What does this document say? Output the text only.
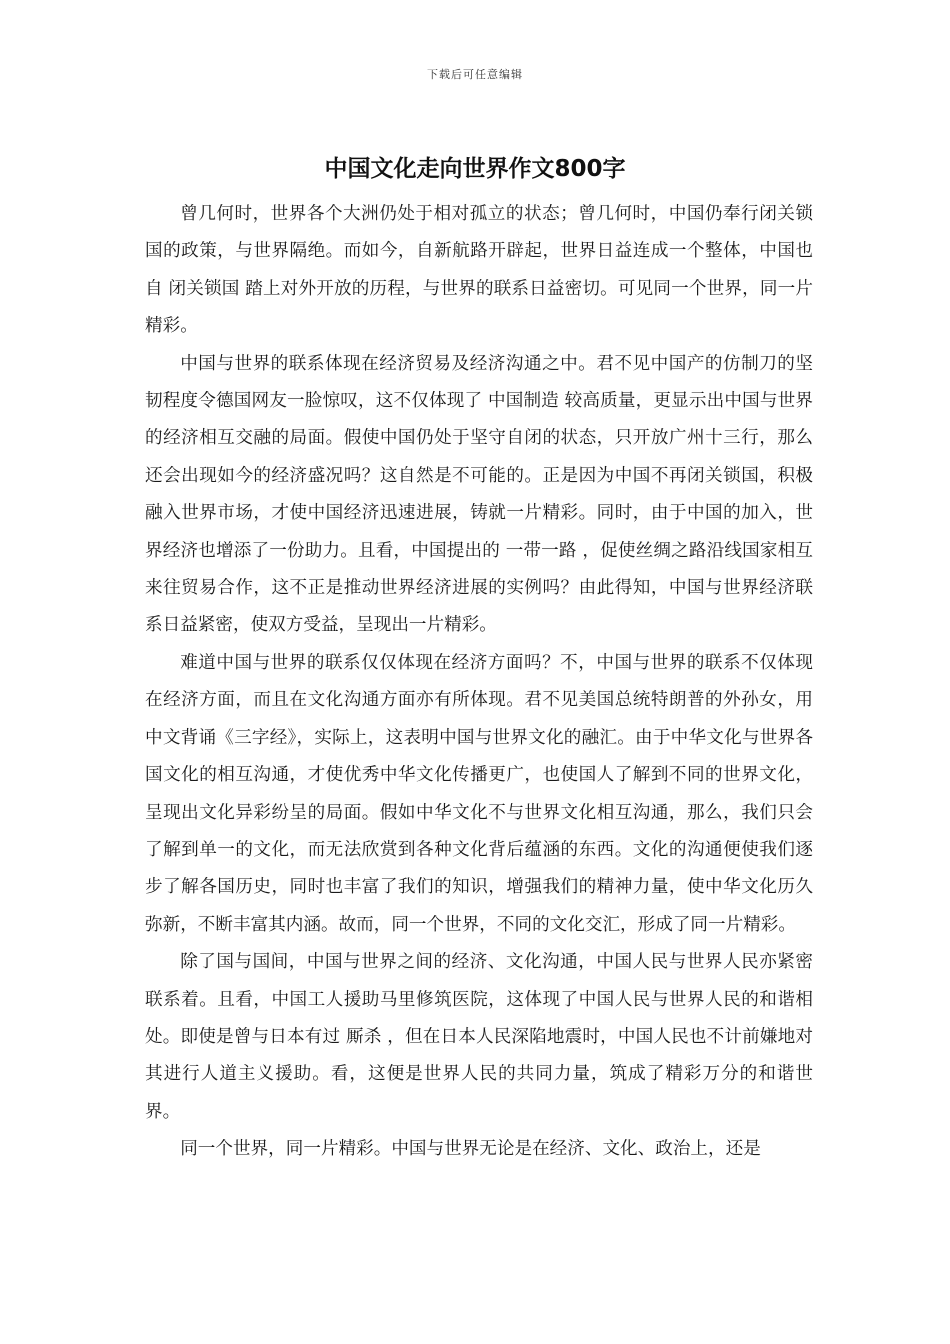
下载后可任意编辑
中国文化走向世界作文800字

曾几何时，世界各个大洲仍处于相对孤立的状态；曾几何时，中国仍奉行闭关锁国的政策，与世界隔绝。而如今，自新航路开辟起，世界日益连成一个整体，中国也自 闭关锁国 踏上对外开放的历程，与世界的联系日益密切。可见同一个世界，同一片精彩。

中国与世界的联系体现在经济贸易及经济沟通之中。君不见中国产的仿制刀的坚韧程度令德国网友一脸惊叹，这不仅体现了 中国制造 较高质量，更显示出中国与世界的经济相互交融的局面。假使中国仍处于坚守自闭的状态，只开放广州十三行，那么还会出现如今的经济盛况吗？这自然是不可能的。正是因为中国不再闭关锁国，积极融入世界市场，才使中国经济迅速进展，铸就一片精彩。同时，由于中国的加入，世界经济也增添了一份助力。且看，中国提出的 一带一路 ，促使丝绸之路沿线国家相互来往贸易合作，这不正是推动世界经济进展的实例吗？由此得知，中国与世界经济联系日益紧密，使双方受益，呈现出一片精彩。

难道中国与世界的联系仅仅体现在经济方面吗？不，中国与世界的联系不仅体现在经济方面，而且在文化沟通方面亦有所体现。君不见美国总统特朗普的外孙女，用中文背诵《三字经》，实际上，这表明中国与世界文化的融汇。由于中华文化与世界各国文化的相互沟通，才使优秀中华文化传播更广，也使国人了解到不同的世界文化，呈现出文化异彩纷呈的局面。假如中华文化不与世界文化相互沟通，那么，我们只会了解到单一的文化，而无法欣赏到各种文化背后蕴涵的东西。文化的沟通便使我们逐步了解各国历史，同时也丰富了我们的知识，增强我们的精神力量，使中华文化历久弥新，不断丰富其内涵。故而，同一个世界，不同的文化交汇，形成了同一片精彩。

除了国与国间，中国与世界之间的经济、文化沟通，中国人民与世界人民亦紧密联系着。且看，中国工人援助马里修筑医院，这体现了中国人民与世界人民的和谐相处。即使是曾与日本有过 厮杀 ，但在日本人民深陷地震时，中国人民也不计前嫌地对其进行人道主义援助。看，这便是世界人民的共同力量，筑成了精彩万分的和谐世界。

同一个世界，同一片精彩。中国与世界无论是在经济、文化、政治上，还是
